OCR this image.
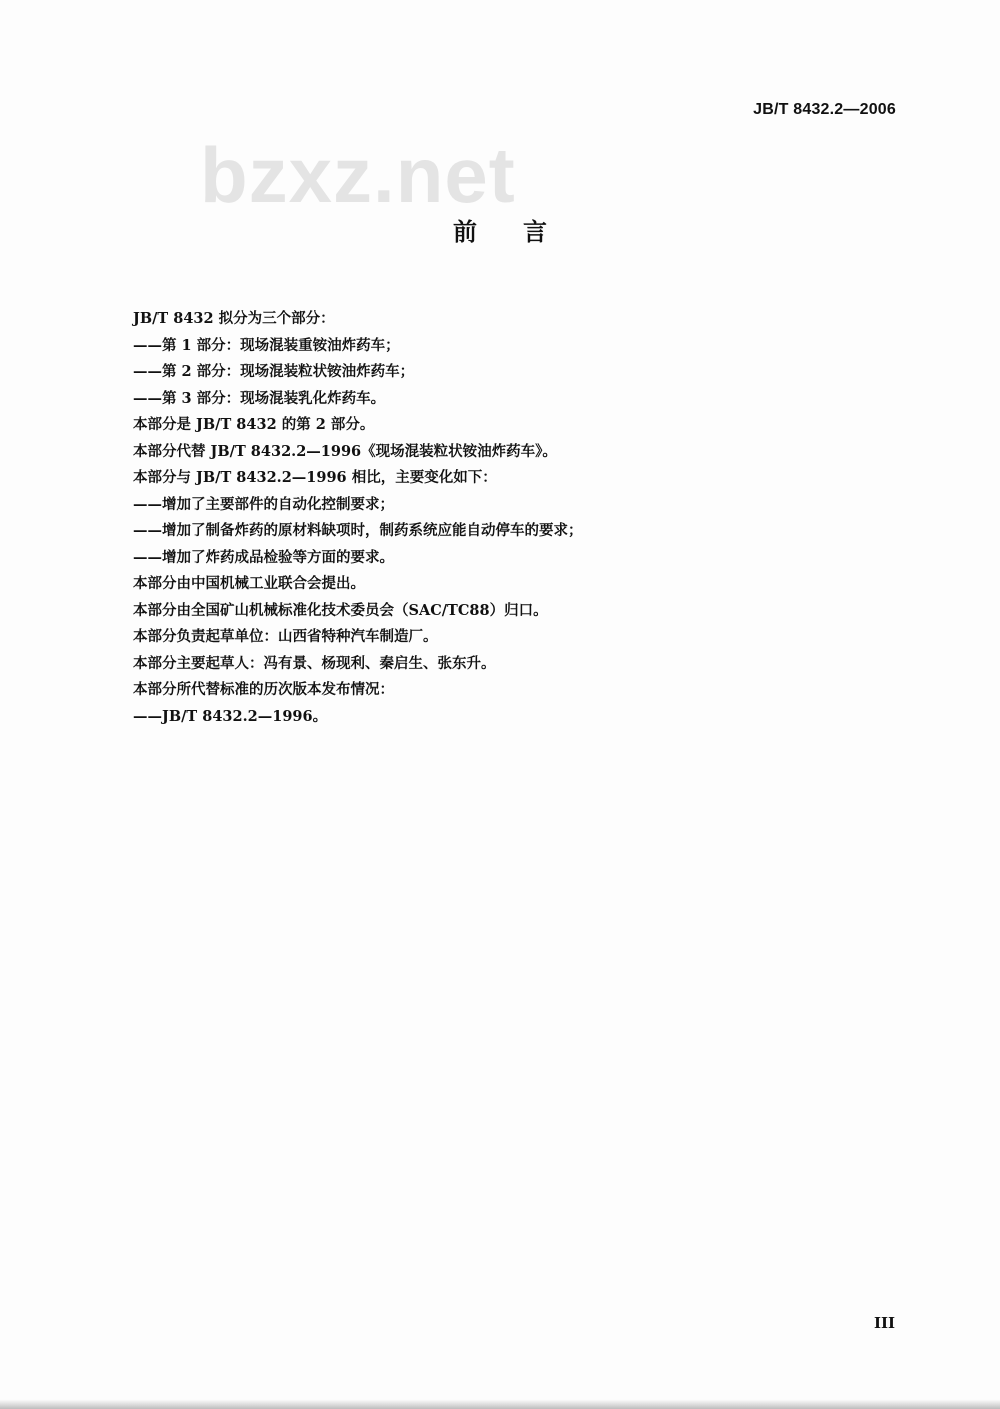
JB/T 8432.2—2006
bzxz.net
前言
JB/T 8432 拟分为三个部分：
——第 1 部分：现场混装重铵油炸药车；
——第 2 部分：现场混装粒状铵油炸药车；
——第 3 部分：现场混装乳化炸药车。
本部分是 JB/T 8432 的第 2 部分。
本部分代替 JB/T 8432.2—1996《现场混装粒状铵油炸药车》。
本部分与 JB/T 8432.2—1996 相比，主要变化如下：
——增加了主要部件的自动化控制要求；
——增加了制备炸药的原材料缺项时，制药系统应能自动停车的要求；
——增加了炸药成品检验等方面的要求。
本部分由中国机械工业联合会提出。
本部分由全国矿山机械标准化技术委员会（SAC/TC88）归口。
本部分负责起草单位：山西省特种汽车制造厂。
本部分主要起草人：冯有景、杨现利、秦启生、张东升。
本部分所代替标准的历次版本发布情况：
——JB/T 8432.2—1996。
III
